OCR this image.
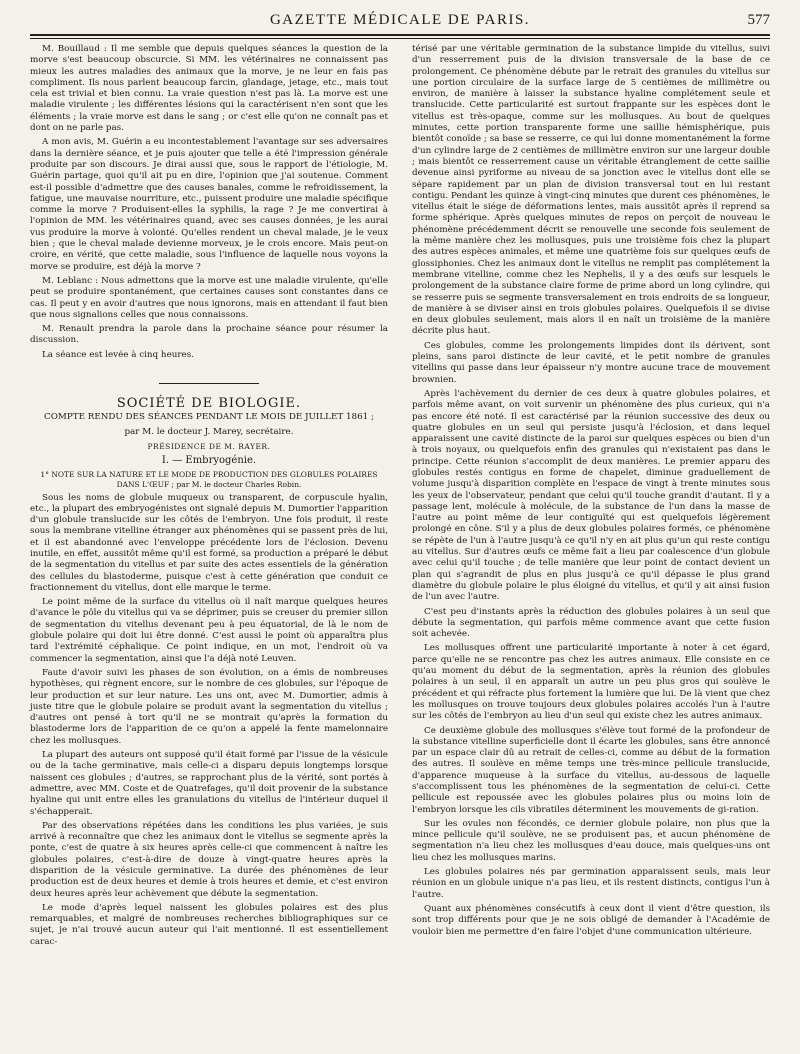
GAZETTE MÉDICALE DE PARIS.	577

M. Bouillaud : Il me semble que depuis quelques séances la question de la morve s'est beaucoup obscurcie. Si MM. les vétérinaires ne connaissent pas mieux les autres maladies des animaux que la morve, je ne leur en fais pas compliment. Ils nous parlent beaucoup farcin, glandage, jetage, etc., mais tout cela est trivial et bien connu. La vraie question n'est pas là. La morve est une maladie virulente ; les différentes lésions qui la caractérisent n'en sont que les éléments ; la vraie morve est dans le sang ; or c'est elle qu'on ne connaît pas et dont on ne parle pas.

A mon avis, M. Guérin a eu incontestablement l'avantage sur ses adversaires dans la dernière séance, et je puis ajouter que telle a été l'impression générale produite par son discours. Je dirai aussi que, sous le rapport de l'étiologie, M. Guérin partage, quoi qu'il ait pu en dire, l'opinion que j'ai soutenue. Comment est-il possible d'admettre que des causes banales, comme le refroidissement, la fatigue, une mauvaise nourriture, etc., puissent produire une maladie spécifique comme la morve ? Produisent-elles la syphilis, la rage ? Je me convertirai à l'opinion de MM. les vétérinaires quand, avec ses causes données, je les aurai vus produire la morve à volonté. Qu'elles rendent un cheval malade, je le veux bien ; que le cheval malade devienne morveux, je le crois encore. Mais peut-on croire, en vérité, que cette maladie, sous l'influence de laquelle nous voyons la morve se produire, est déjà la morve ?

M. Leblanc : Nous admettons que la morve est une maladie virulente, qu'elle peut se produire spontanément, que certaines causes sont constantes dans ce cas. Il peut y en avoir d'autres que nous ignorons, mais en attendant il faut bien que nous signalions celles que nous connaissons.

M. Renault prendra la parole dans la prochaine séance pour résumer la discussion.

La séance est levée à cinq heures.

SOCIÉTÉ DE BIOLOGIE.

COMPTE RENDU DES SÉANCES PENDANT LE MOIS DE JUILLET 1861 ;

par M. le docteur J. Marey, secrétaire.

PRÉSIDENCE DE M. RAYER.

I. — Embryogénie.

1° NOTE SUR LA NATURE ET LE MODE DE PRODUCTION DES GLOBULES POLAIRES DANS L'ŒUF ; par M. le docteur Charles Robin.

Sous les noms de globule muqueux ou transparent, de corpuscule hyalin, etc., la plupart des embryogénistes ont signalé depuis M. Dumortier l'apparition d'un globule translucide sur les côtés de l'embryon. Une fois produit, il reste sous la membrane vitelline étranger aux phénomènes qui se passent près de lui, et il est abandonné avec l'enveloppe précédente lors de l'éclosion. Devenu inutile, en effet, aussitôt même qu'il est formé, sa production a préparé le début de la segmentation du vitellus et par suite des actes essentiels de la génération des cellules du blastoderme, puisque c'est à cette génération que conduit ce fractionnement du vitellus, dont elle marque le terme.

Le point même de la surface du vitellus où il naît marque quelques heures d'avance le pôle du vitellus qui va se déprimer, puis se creuser du premier sillon de segmentation du vitellus devenant peu à peu équatorial, de là le nom de globule polaire qui doit lui être donné. C'est aussi le point où apparaîtra plus tard l'extrémité céphalique. Ce point indique, en un mot, l'endroit où va commencer la segmentation, ainsi que l'a déjà noté Leuven.

Faute d'avoir suivi les phases de son évolution, on a émis de nombreuses hypothèses, qui règnent encore, sur le nombre de ces globules, sur l'époque de leur production et sur leur nature. Les uns ont, avec M. Dumortier, admis à juste titre que le globule polaire se produit avant la segmentation du vitellus ; d'autres ont pensé à tort qu'il ne se montrait qu'après la formation du blastoderme lors de l'apparition de ce qu'on a appelé la fente mamelonnaire chez les mollusques.

La plupart des auteurs ont supposé qu'il était formé par l'issue de la vésicule ou de la tache germinative, mais celle-ci a disparu depuis longtemps lorsque naissent ces globules ; d'autres, se rapprochant plus de la vérité, sont portés à admettre, avec MM. Coste et de Quatrefages, qu'il doit provenir de la substance hyaline qui unit entre elles les granulations du vitellus de l'intérieur duquel il s'échapperait.

Par des observations répétées dans les conditions les plus variées, je suis arrivé à reconnaître que chez les animaux dont le vitellus se segmente après la ponte, c'est de quatre à six heures après celle-ci que commencent à naître les globules polaires, c'est-à-dire de douze à vingt-quatre heures après la disparition de la vésicule germinative. La durée des phénomènes de leur production est de deux heures et demie à trois heures et demie, et c'est environ deux heures après leur achèvement que débute la segmentation.

Le mode d'après lequel naissent les globules polaires est des plus remarquables, et malgré de nombreuses recherches bibliographiques sur ce sujet, je n'ai trouvé aucun auteur qui l'ait mentionné. Il est essentiellement carac-

térisé par une véritable germination de la substance limpide du vitellus, suivi d'un resserrement puis de la division transversale de la base de ce prolongement. Ce phénomène débute par le retrait des granules du vitellus sur une portion circulaire de la surface large de 5 centièmes de millimètre ou environ, de manière à laisser la substance hyaline complétement seule et translucide. Cette particularité est surtout frappante sur les espèces dont le vitellus est très-opaque, comme sur les mollusques. Au bout de quelques minutes, cette portion transparente forme une saillie hémisphérique, puis bientôt conoïde ; sa base se resserre, ce qui lui donne momentanément la forme d'un cylindre large de 2 centièmes de millimètre environ sur une largeur double ; mais bientôt ce resserrement cause un véritable étranglement de cette saillie devenue ainsi pyriforme au niveau de sa jonction avec le vitellus dont elle se sépare rapidement par un plan de division transversal tout en lui restant contigu. Pendant les quinze à vingt-cinq minutes que durent ces phénomènes, le vitellus était le siége de déformations lentes, mais aussitôt après il reprend sa forme sphérique. Après quelques minutes de repos on perçoit de nouveau le phénomène précédemment décrit se renouvelle une seconde fois seulement de la même manière chez les mollusques, puis une troisième fois chez la plupart des autres espèces animales, et même une quatrième fois sur quelques œufs de glossiphonies. Chez les animaux dont le vitellus ne remplit pas complétement la membrane vitelline, comme chez les Nephelis, il y a des œufs sur lesquels le prolongement de la substance claire forme de prime abord un long cylindre, qui se resserre puis se segmente transversalement en trois endroits de sa longueur, de manière à se diviser ainsi en trois globules polaires. Quelquefois il se divise en deux globules seulement, mais alors il en naît un troisième de la manière décrite plus haut.

Ces globules, comme les prolongements limpides dont ils dérivent, sont pleins, sans paroi distincte de leur cavité, et le petit nombre de granules vitellins qui passe dans leur épaisseur n'y montre aucune trace de mouvement brownien.

Après l'achèvement du dernier de ces deux à quatre globules polaires, et parfois même avant, on voit survenir un phénomène des plus curieux, qui n'a pas encore été noté. Il est caractérisé par la réunion successive des deux ou quatre globules en un seul qui persiste jusqu'à l'éclosion, et dans lequel apparaissent une cavité distincte de la paroi sur quelques espèces ou bien d'un à trois noyaux, ou quelquefois enfin des granules qui n'existaient pas dans le principe. Cette réunion s'accomplit de deux manières. Le premier apparu des globules restés contigus en forme de chapelet, diminue graduellement de volume jusqu'à disparition complète en l'espace de vingt à trente minutes sous les yeux de l'observateur, pendant que celui qu'il touche grandit d'autant. Il y a passage lent, molécule à molécule, de la substance de l'un dans la masse de l'autre au point même de leur contiguïté qui est quelquefois légèrement prolongé en cône. S'il y a plus de deux globules polaires formés, ce phénomène se répète de l'un à l'autre jusqu'à ce qu'il n'y en ait plus qu'un qui reste contigu au vitellus. Sur d'autres œufs ce même fait a lieu par coalescence d'un globule avec celui qu'il touche ; de telle manière que leur point de contact devient un plan qui s'agrandit de plus en plus jusqu'à ce qu'il dépasse le plus grand diamètre du globule polaire le plus éloigné du vitellus, et qu'il y ait ainsi fusion de l'un avec l'autre.

C'est peu d'instants après la réduction des globules polaires à un seul que débute la segmentation, qui parfois même commence avant que cette fusion soit achevée.

Les mollusques offrent une particularité importante à noter à cet égard, parce qu'elle ne se rencontre pas chez les autres animaux. Elle consiste en ce qu'au moment du début de la segmentation, après la réunion des globules polaires à un seul, il en apparaît un autre un peu plus gros qui soulève le précédent et qui réfracte plus fortement la lumière que lui. De là vient que chez les mollusques on trouve toujours deux globules polaires accolés l'un à l'autre sur les côtés de l'embryon au lieu d'un seul qui existe chez les autres animaux.

Ce deuxième globule des mollusques s'élève tout formé de la profondeur de la substance vitelline superficielle dont il écarte les globules, sans être annoncé par un espace clair dû au retrait de celles-ci, comme au début de la formation des autres. Il soulève en même temps une très-mince pellicule translucide, d'apparence muqueuse à la surface du vitellus, au-dessous de laquelle s'accomplissent tous les phénomènes de la segmentation de celui-ci. Cette pellicule est repoussée avec les globules polaires plus ou moins loin de l'embryon lorsque les cils vibratiles déterminent les mouvements de gi-ration.

Sur les ovules non fécondés, ce dernier globule polaire, non plus que la mince pellicule qu'il soulève, ne se produisent pas, et aucun phénomène de segmentation n'a lieu chez les mollusques d'eau douce, mais quelques-uns ont lieu chez les mollusques marins.

Les globules polaires nés par germination apparaissent seuls, mais leur réunion en un globule unique n'a pas lieu, et ils restent distincts, contigus l'un à l'autre.

Quant aux phénomènes consécutifs à ceux dont il vient d'être question, ils sont trop différents pour que je ne sois obligé de demander à l'Académie de vouloir bien me permettre d'en faire l'objet d'une communication ultérieure.
